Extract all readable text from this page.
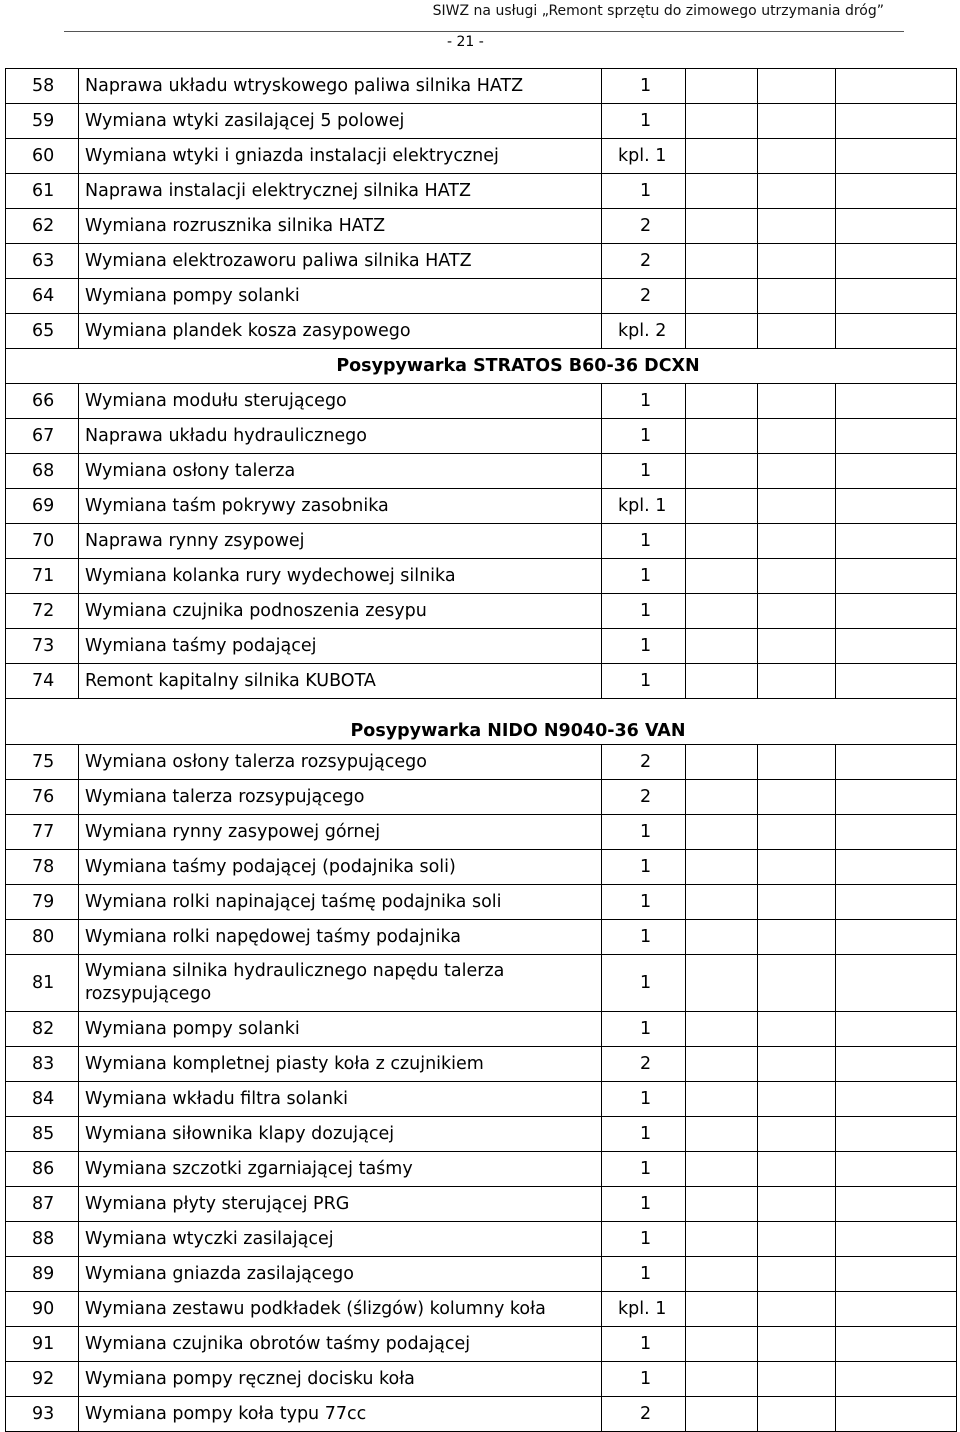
SIWZ na usługi „Remont sprzętu do zimowego utrzymania dróg”
- 21 -
58	Naprawa układu wtryskowego paliwa silnika HATZ	1			
59	Wymiana wtyki zasilającej 5 polowej	1			
60	Wymiana wtyki i gniazda instalacji elektrycznej	kpl. 1			
61	Naprawa instalacji elektrycznej silnika HATZ	1			
62	Wymiana rozrusznika silnika HATZ	2			
63	Wymiana elektrozaworu paliwa silnika HATZ	2			
64	Wymiana pompy solanki	2			
65	Wymiana plandek kosza zasypowego	kpl. 2			
Posypywarka STRATOS B60-36 DCXN					
66	Wymiana modułu sterującego	1			
67	Naprawa układu hydraulicznego	1			
68	Wymiana osłony talerza	1			
69	Wymiana taśm pokrywy zasobnika	kpl. 1			
70	Naprawa rynny zsypowej	1			
71	Wymiana kolanka rury wydechowej silnika	1			
72	Wymiana czujnika podnoszenia zesypu	1			
73	Wymiana taśmy podającej	1			
74	Remont kapitalny silnika KUBOTA	1			
Posypywarka NIDO N9040-36 VAN					
75	Wymiana osłony talerza rozsypującego	2			
76	Wymiana talerza rozsypującego	2			
77	Wymiana rynny zasypowej górnej	1			
78	Wymiana taśmy podającej (podajnika soli)	1			
79	Wymiana rolki napinającej taśmę podajnika soli	1			
80	Wymiana rolki napędowej taśmy podajnika	1			
81	Wymiana silnika hydraulicznego napędu talerza rozsypującego	1			
82	Wymiana pompy solanki	1			
83	Wymiana kompletnej piasty koła z czujnikiem	2			
84	Wymiana wkładu filtra solanki	1			
85	Wymiana siłownika klapy dozującej	1			
86	Wymiana szczotki zgarniającej taśmy	1			
87	Wymiana płyty sterującej PRG	1			
88	Wymiana wtyczki zasilającej	1			
89	Wymiana gniazda zasilającego	1			
90	Wymiana zestawu podkładek (ślizgów) kolumny koła	kpl. 1			
91	Wymiana czujnika obrotów taśmy podającej	1			
92	Wymiana pompy ręcznej docisku koła	1			
93	Wymiana pompy koła typu 77cc	2			
